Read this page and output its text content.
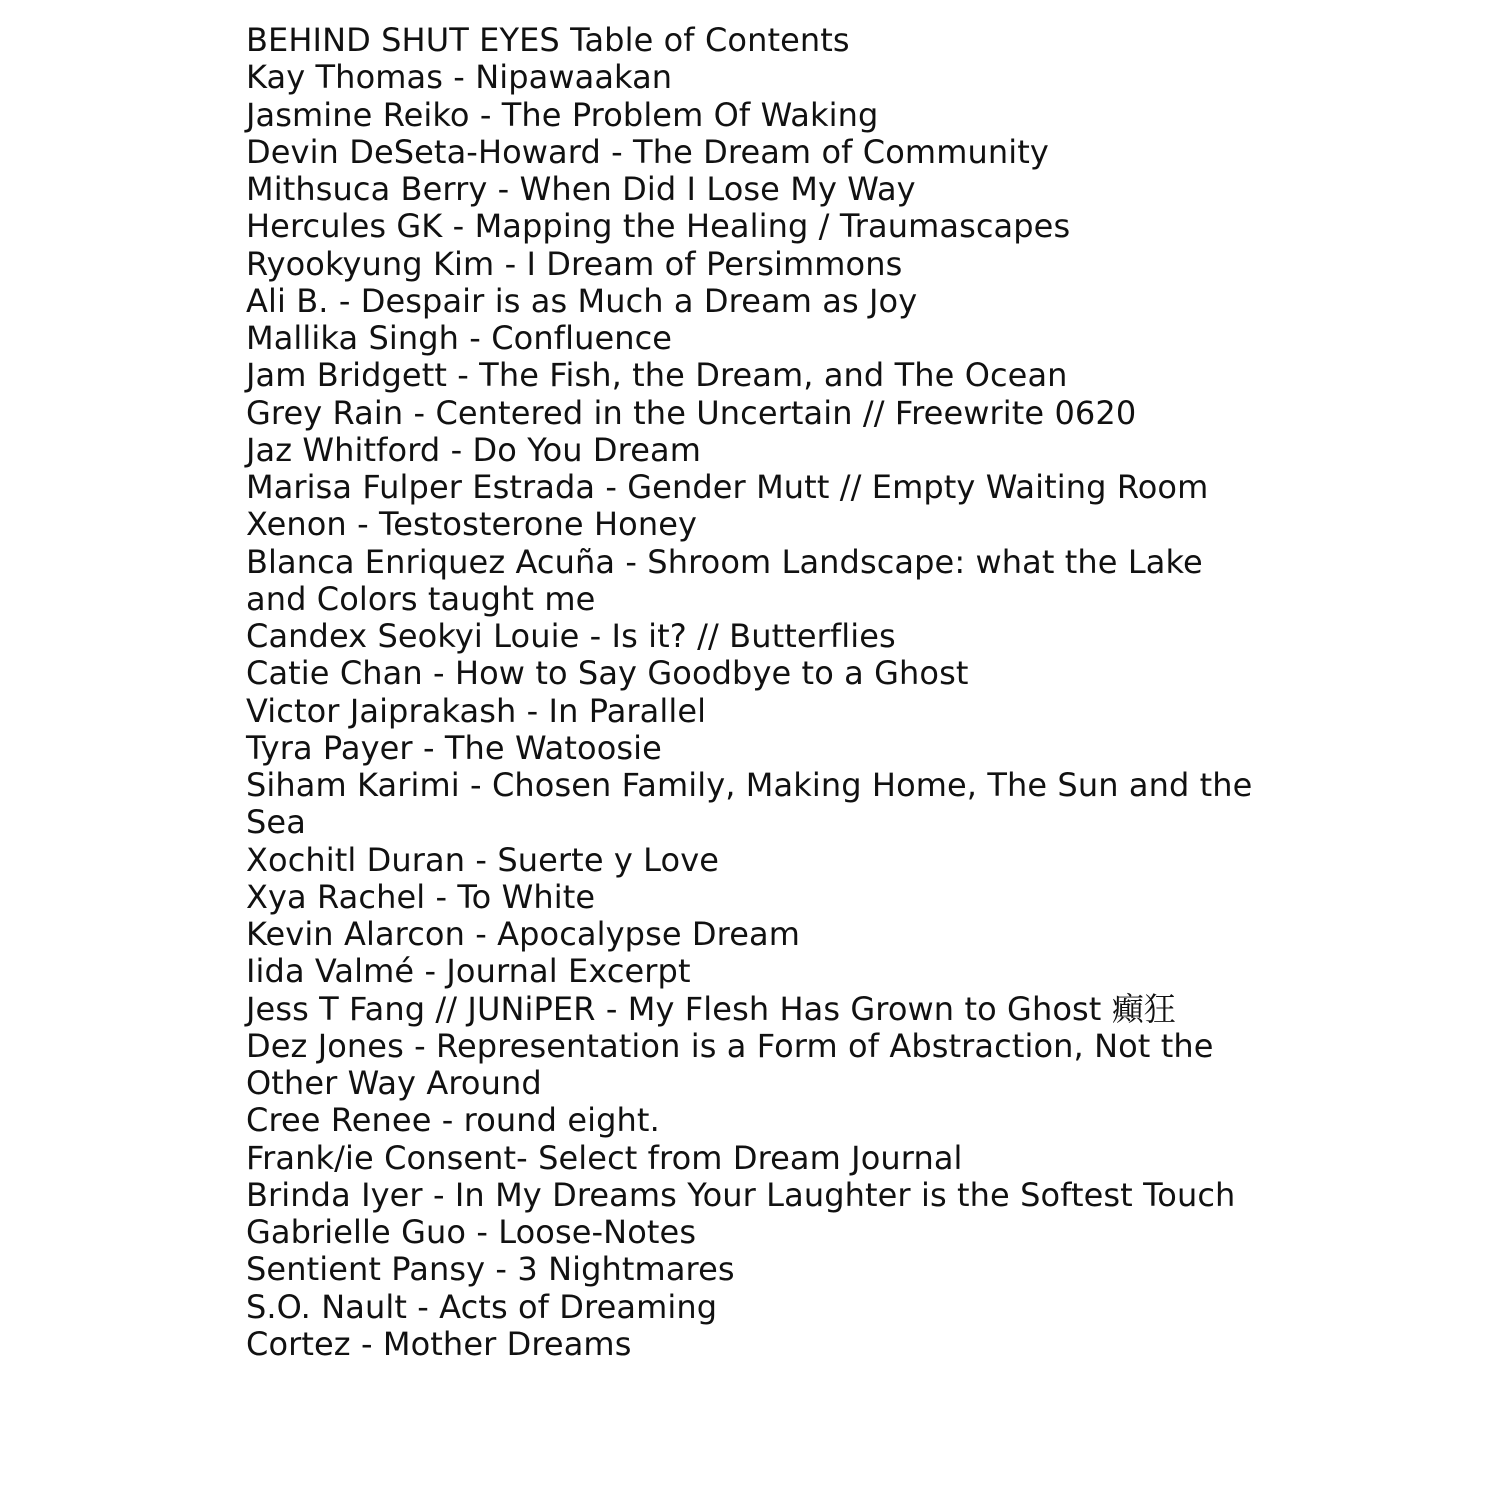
BEHIND SHUT EYES Table of Contents
Kay Thomas - Nipawaakan
Jasmine Reiko - The Problem Of Waking
Devin DeSeta-Howard - The Dream of Community
Mithsuca Berry - When Did I Lose My Way
Hercules GK - Mapping the Healing / Traumascapes
Ryookyung Kim - I Dream of Persimmons
Ali B. - Despair is as Much a Dream as Joy
Mallika Singh - Confluence
Jam Bridgett - The Fish, the Dream, and The Ocean
Grey Rain - Centered in the Uncertain // Freewrite 0620
Jaz Whitford - Do You Dream
Marisa Fulper Estrada - Gender Mutt // Empty Waiting Room
Xenon - Testosterone Honey
Blanca Enriquez Acuña - Shroom Landscape: what the Lake and Colors taught me
Candex Seokyi Louie - Is it? // Butterflies
Catie Chan - How to Say Goodbye to a Ghost
Victor Jaiprakash - In Parallel
Tyra Payer - The Watoosie
Siham Karimi - Chosen Family, Making Home, The Sun and the Sea
Xochitl Duran - Suerte y Love
Xya Rachel - To White
Kevin Alarcon - Apocalypse Dream
Iida Valmé - Journal Excerpt
Jess T Fang // JUNiPER - My Flesh Has Grown to Ghost 癲狂
Dez Jones - Representation is a Form of Abstraction, Not the Other Way Around
Cree Renee - round eight.
Frank/ie Consent- Select from Dream Journal
Brinda Iyer - In My Dreams Your Laughter is the Softest Touch
Gabrielle Guo - Loose-Notes
Sentient Pansy - 3 Nightmares
S.O. Nault - Acts of Dreaming
Cortez - Mother Dreams
